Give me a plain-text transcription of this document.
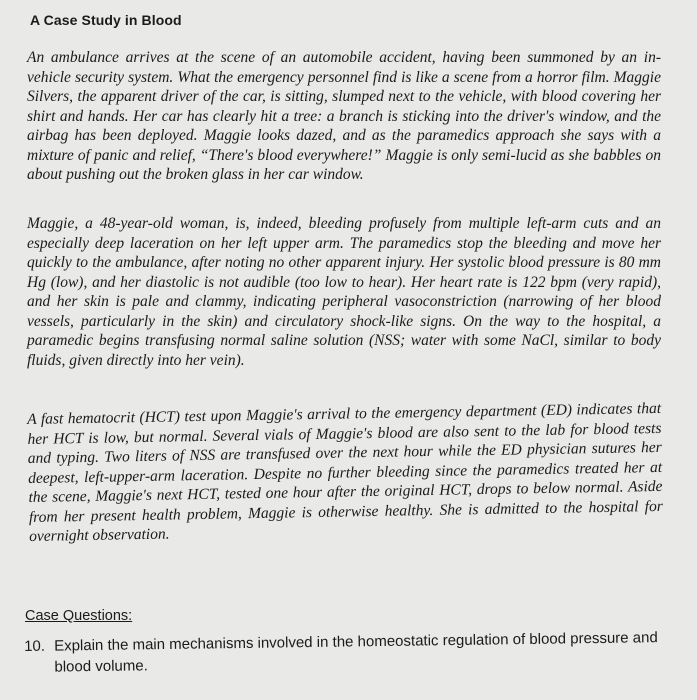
A Case Study in Blood

An ambulance arrives at the scene of an automobile accident, having been summoned by an in-vehicle security system. What the emergency personnel find is like a scene from a horror film. Maggie Silvers, the apparent driver of the car, is sitting, slumped next to the vehicle, with blood covering her shirt and hands. Her car has clearly hit a tree: a branch is sticking into the driver's window, and the airbag has been deployed. Maggie looks dazed, and as the paramedics approach she says with a mixture of panic and relief, “There's blood everywhere!” Maggie is only semi-lucid as she babbles on about pushing out the broken glass in her car window.

Maggie, a 48-year-old woman, is, indeed, bleeding profusely from multiple left-arm cuts and an especially deep laceration on her left upper arm. The paramedics stop the bleeding and move her quickly to the ambulance, after noting no other apparent injury. Her systolic blood pressure is 80 mm Hg (low), and her diastolic is not audible (too low to hear). Her heart rate is 122 bpm (very rapid), and her skin is pale and clammy, indicating peripheral vasoconstriction (narrowing of her blood vessels, particularly in the skin) and circulatory shock-like signs. On the way to the hospital, a paramedic begins transfusing normal saline solution (NSS; water with some NaCl, similar to body fluids, given directly into her vein).

A fast hematocrit (HCT) test upon Maggie's arrival to the emergency department (ED) indicates that her HCT is low, but normal. Several vials of Maggie's blood are also sent to the lab for blood tests and typing. Two liters of NSS are transfused over the next hour while the ED physician sutures her deepest, left-upper-arm laceration. Despite no further bleeding since the paramedics treated her at the scene, Maggie's next HCT, tested one hour after the original HCT, drops to below normal. Aside from her present health problem, Maggie is otherwise healthy. She is admitted to the hospital for overnight observation.

Case Questions:
10. Explain the main mechanisms involved in the homeostatic regulation of blood pressure and blood volume.
